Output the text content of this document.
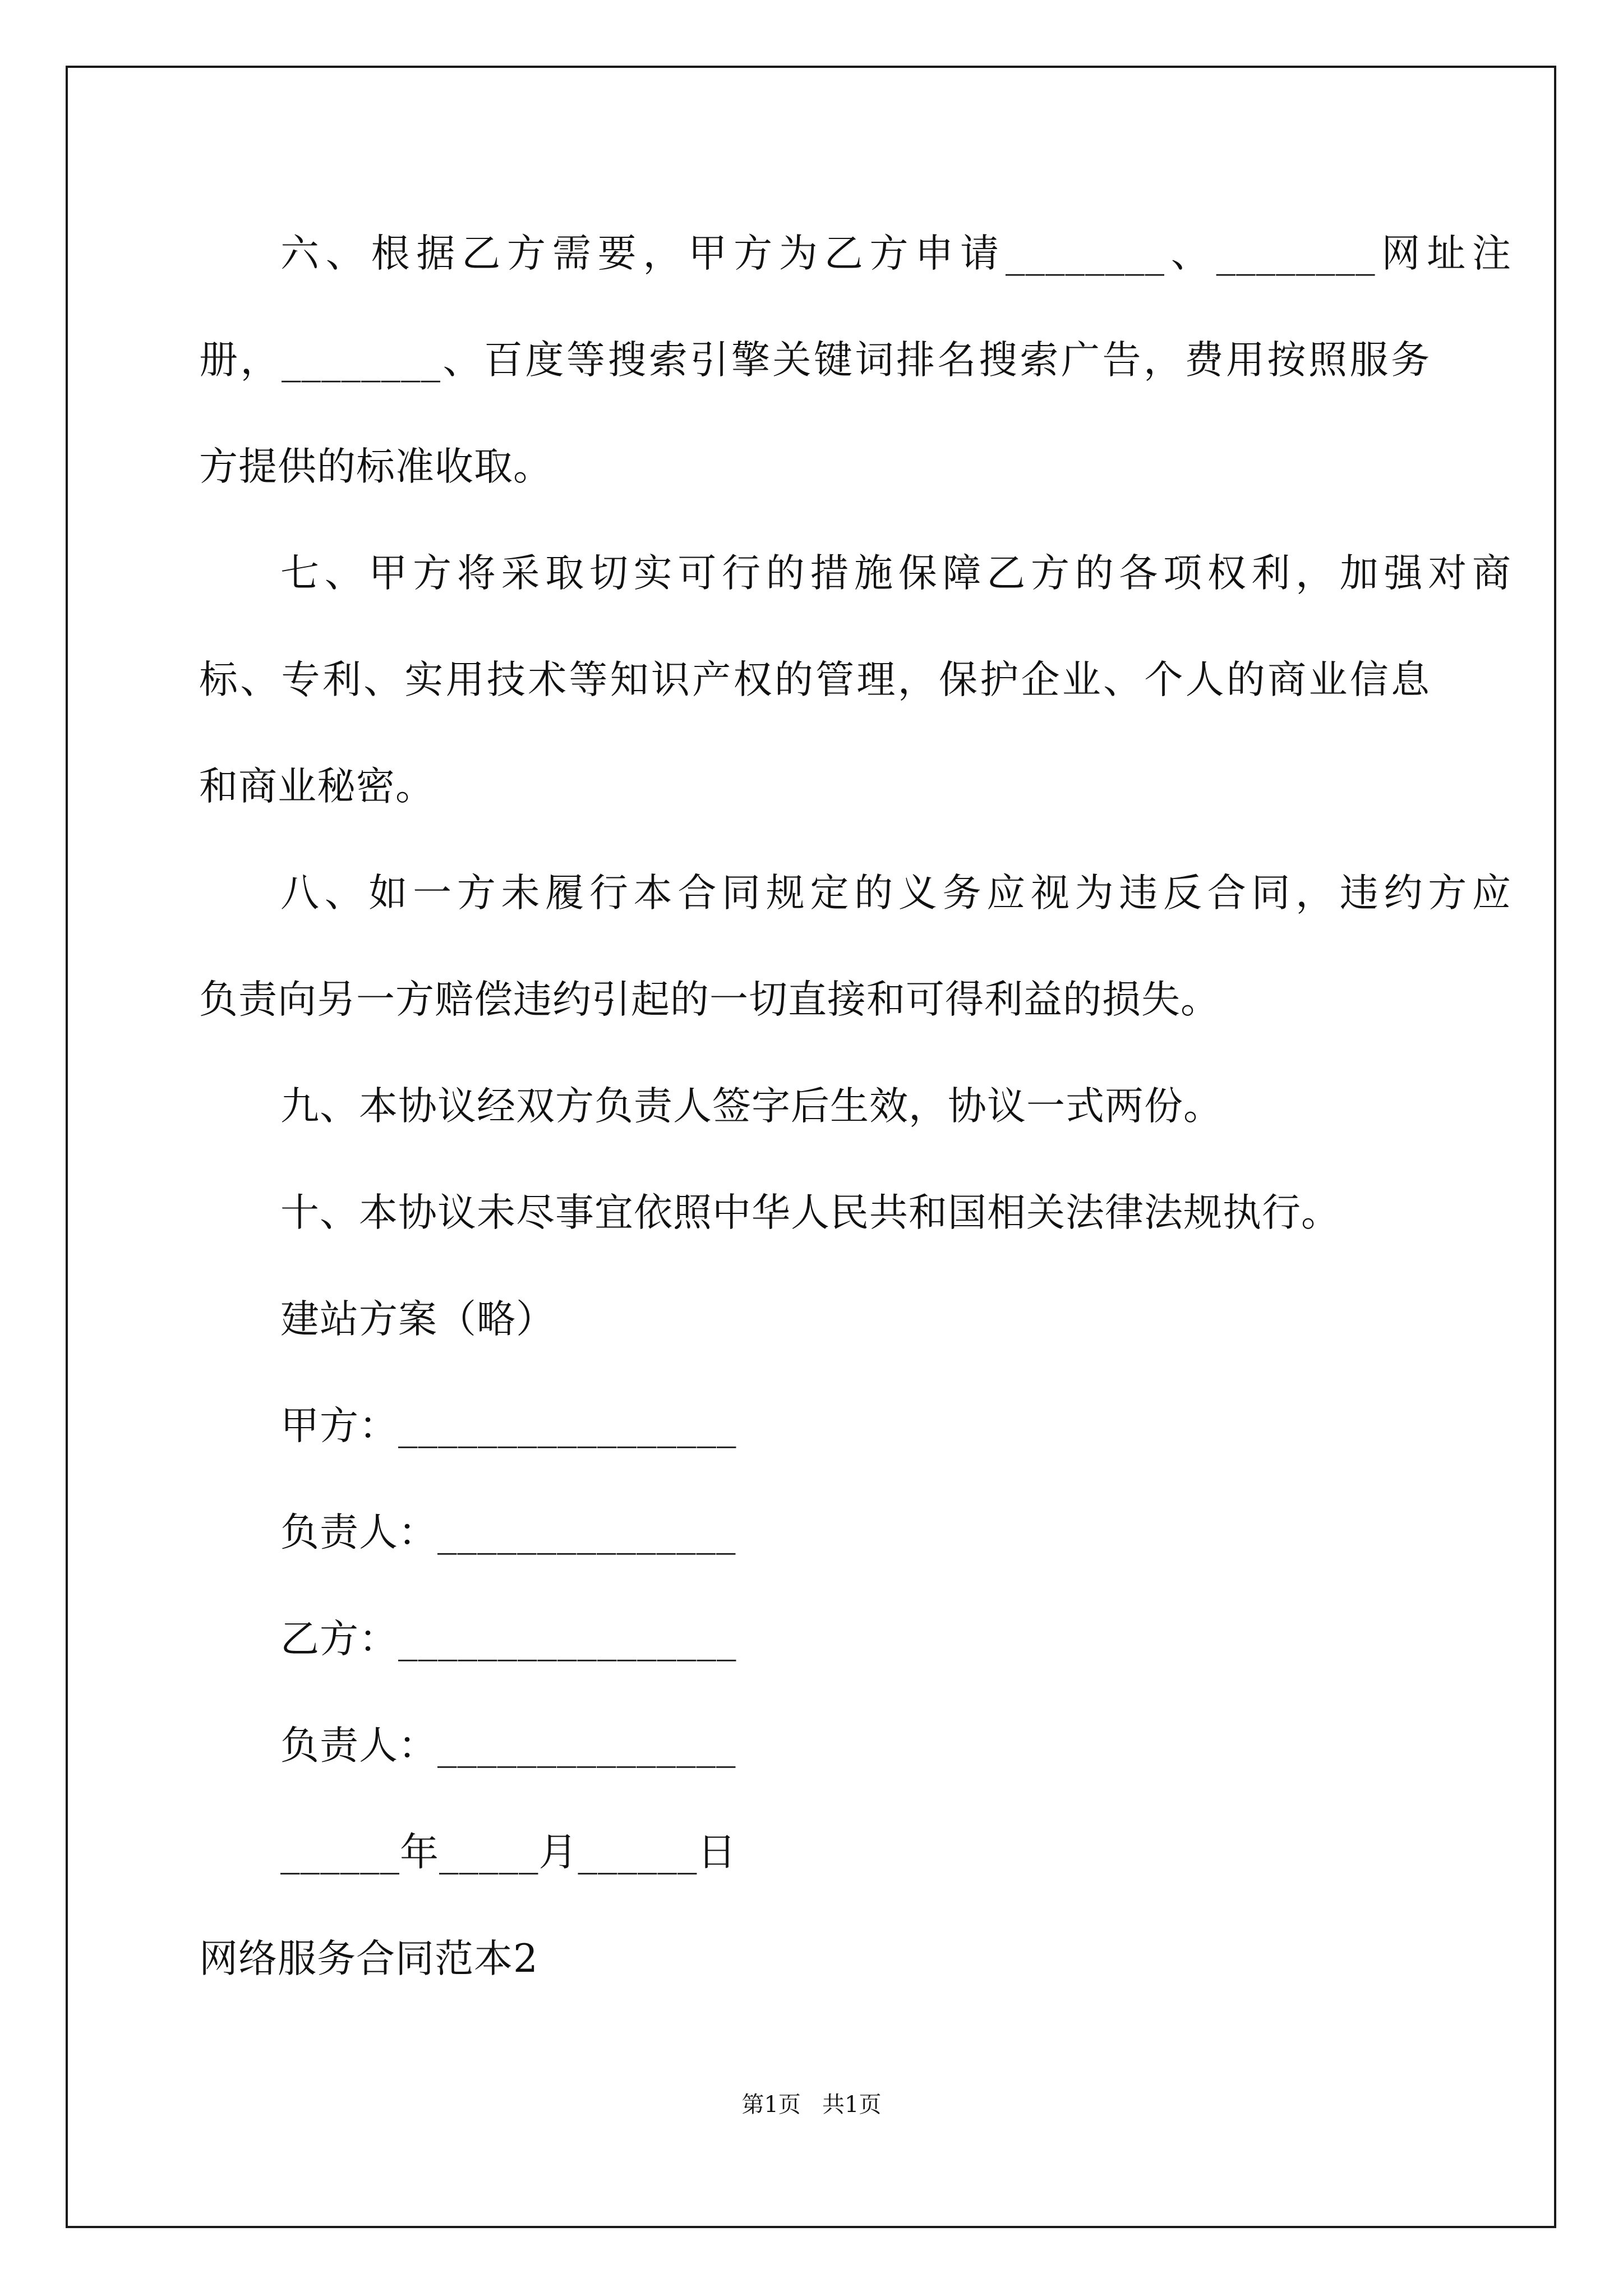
六、根据乙方需要，甲方为乙方申请________、________网址注
册，________、百度等搜索引擎关键词排名搜索广告，费用按照服务
方提供的标准收取。
七、甲方将采取切实可行的措施保障乙方的各项权利，加强对商
标、专利、实用技术等知识产权的管理，保护企业、个人的商业信息
和商业秘密。
八、如一方未履行本合同规定的义务应视为违反合同，违约方应
负责向另一方赔偿违约引起的一切直接和可得利益的损失。
九、本协议经双方负责人签字后生效，协议一式两份。
十、本协议未尽事宜依照中华人民共和国相关法律法规执行。
建站方案（略）
甲方：_________________
负责人：_______________
乙方：_________________
负责人：_______________
______年_____月______日
网络服务合同范本2
第1页   共1页
